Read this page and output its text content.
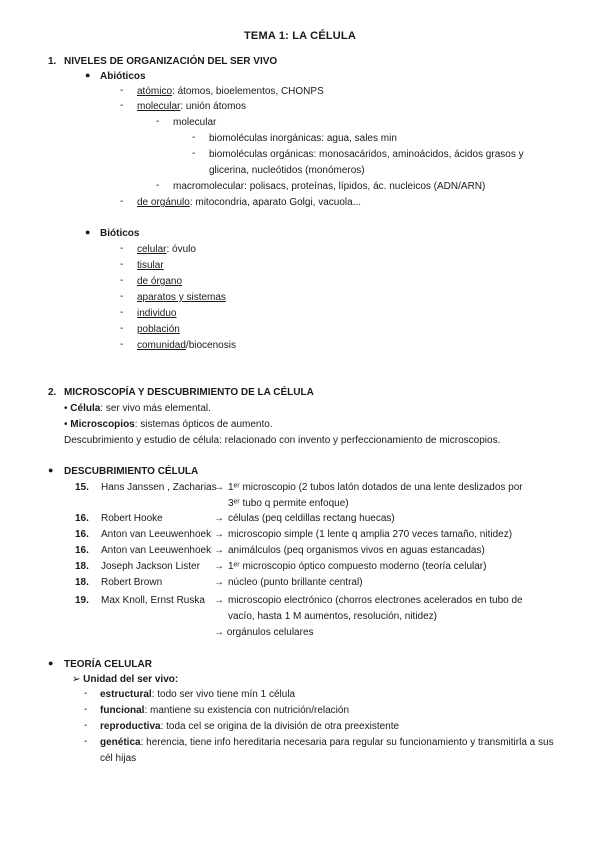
TEMA 1: LA CÉLULA
1. NIVELES DE ORGANIZACIÓN DEL SER VIVO
● Abióticos
- atómico: átomos, bioelementos, CHONPS
- molecular: unión átomos
- molecular
- biomoléculas inorgánicas: agua, sales min
- biomoléculas orgánicas: monosacáridos, aminoácidos, ácidos grasos y
glicerina, nucleótidos (monómeros)
- macromolecular: polisacs, proteínas, lípidos, ác. nucleicos (ADN/ARN)
- de orgánulo: mitocondria, aparato Golgi, vacuola...
● Bióticos
- celular: óvulo
- tisular
- de órgano
- aparatos y sistemas
- individuo
- población
- comunidad/biocenosis
2. MICROSCOPÍA Y DESCUBRIMIENTO DE LA CÉLULA
• Célula: ser vivo más elemental.
• Microscopios: sistemas ópticos de aumento.
Descubrimiento y estudio de célula: relacionado con invento y perfeccionamiento de microscopios.
● DESCUBRIMIENTO CÉLULA
15. Hans Janssen , Zacharias
→ 1ᵉʳ microscopio (2 tubos latón dotados de una lente deslizados por
3ᵉʳ tubo q permite enfoque)
16. Robert Hooke	→ células (peq celdillas rectang huecas)
16. Anton van Leeuwenhoek → microscopio simple (1 lente q amplia 270 veces tamaño, nitidez)
16. Anton van Leeuwenhoek → animálculos (peq organismos vivos en aguas estancadas)
18. Joseph Jackson Lister → 1ᵉʳ microscopio óptico compuesto moderno (teoría celular)
18. Robert Brown	→ núcleo (punto brillante central)
19. Max Knoll, Ernst Ruska → microscopio electrónico (chorros electrones acelerados en tubo de
vacío, hasta 1 M aumentos, resolución, nitidez)
→ orgánulos celulares
● TEORÍA CELULAR
➢ Unidad del ser vivo:
- estructural: todo ser vivo tiene mín 1 célula
- funcional: mantiene su existencia con nutrición/relación
- reproductiva: toda cel se origina de la división de otra preexistente
- genética: herencia, tiene info hereditaria necesaria para regular su funcionamiento y transmitirla a sus
cél hijas
